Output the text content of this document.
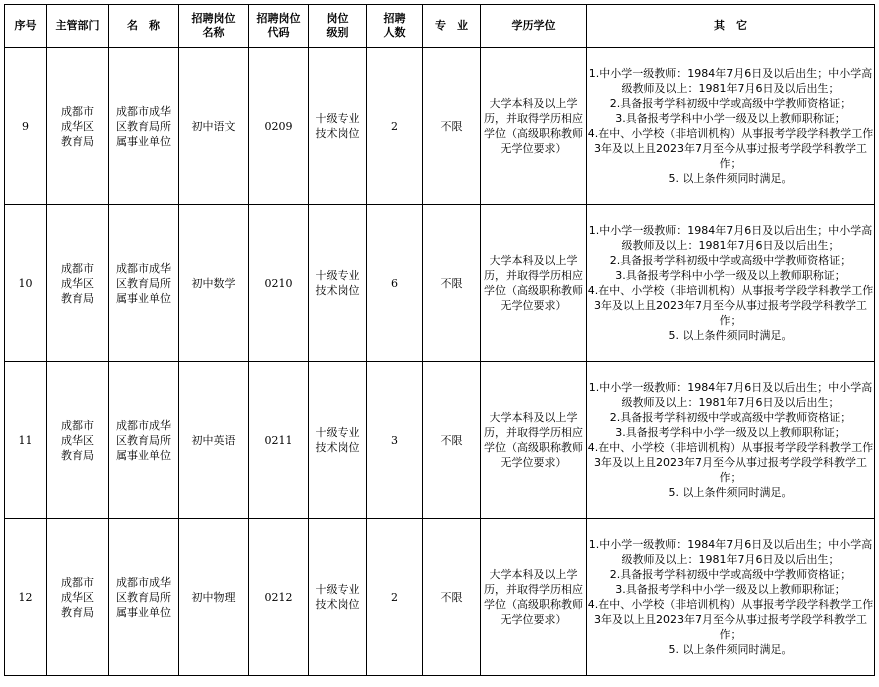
序号	主管部门	名　称	招聘岗位名称	招聘岗位代码	岗位级别	招聘人数	专　业	学历学位	其　它

9	成都市成华区教育局	成都市成华区教育局所属事业单位	初中语文	0209	十级专业技术岗位	2	不限	大学本科及以上学历，并取得学历相应学位（高级职称教师无学位要求）	1.中小学一级教师：1984年7月6日及以后出生；中小学高级教师及以上：1981年7月6日及以后出生；
2.具备报考学科初级中学或高级中学教师资格证；
3.具备报考学科中小学一级及以上教师职称证；
4.在中、小学校（非培训机构）从事报考学段学科教学工作3年及以上且2023年7月至今从事过报考学段学科教学工作；
5. 以上条件须同时满足。

10	成都市成华区教育局	成都市成华区教育局所属事业单位	初中数学	0210	十级专业技术岗位	6	不限	大学本科及以上学历，并取得学历相应学位（高级职称教师无学位要求）	1.中小学一级教师：1984年7月6日及以后出生；中小学高级教师及以上：1981年7月6日及以后出生；
2.具备报考学科初级中学或高级中学教师资格证；
3.具备报考学科中小学一级及以上教师职称证；
4.在中、小学校（非培训机构）从事报考学段学科教学工作3年及以上且2023年7月至今从事过报考学段学科教学工作；
5. 以上条件须同时满足。

11	成都市成华区教育局	成都市成华区教育局所属事业单位	初中英语	0211	十级专业技术岗位	3	不限	大学本科及以上学历，并取得学历相应学位（高级职称教师无学位要求）	1.中小学一级教师：1984年7月6日及以后出生；中小学高级教师及以上：1981年7月6日及以后出生；
2.具备报考学科初级中学或高级中学教师资格证；
3.具备报考学科中小学一级及以上教师职称证；
4.在中、小学校（非培训机构）从事报考学段学科教学工作3年及以上且2023年7月至今从事过报考学段学科教学工作；
5. 以上条件须同时满足。

12	成都市成华区教育局	成都市成华区教育局所属事业单位	初中物理	0212	十级专业技术岗位	2	不限	大学本科及以上学历，并取得学历相应学位（高级职称教师无学位要求）	1.中小学一级教师：1984年7月6日及以后出生；中小学高级教师及以上：1981年7月6日及以后出生；
2.具备报考学科初级中学或高级中学教师资格证；
3.具备报考学科中小学一级及以上教师职称证；
4.在中、小学校（非培训机构）从事报考学段学科教学工作3年及以上且2023年7月至今从事过报考学段学科教学工作；
5. 以上条件须同时满足。
